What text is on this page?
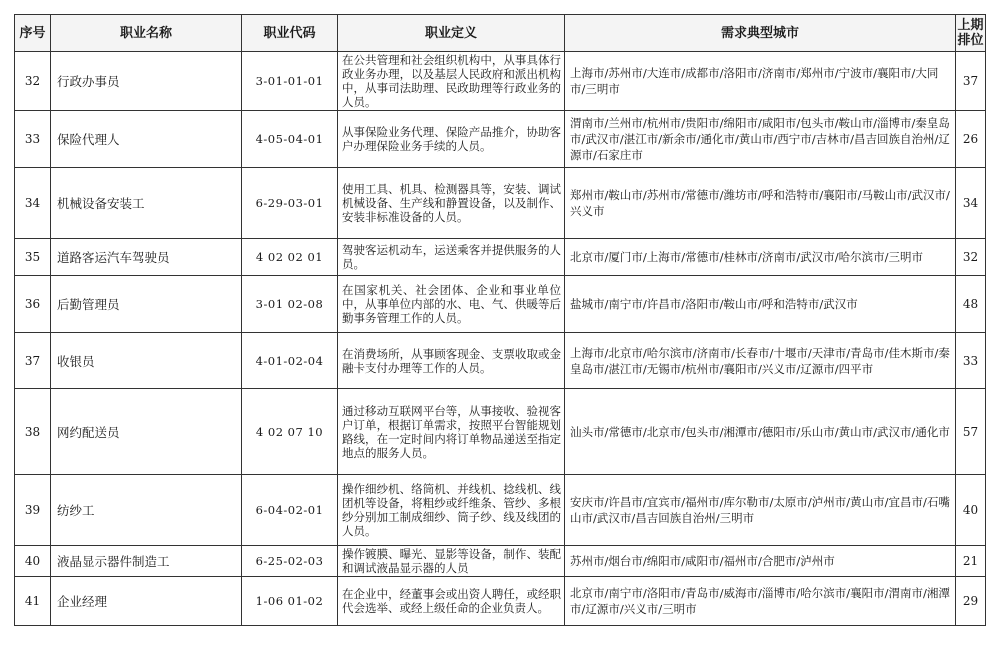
序号	职业名称	职业代码	职业定义	需求典型城市	上期排位
32	行政办事员	3-01-01-01	在公共管理和社会组织机构中，从事具体行政业务办理，以及基层人民政府和派出机构中，从事司法助理、民政助理等行政业务的人员。	上海市/苏州市/大连市/成都市/洛阳市/济南市/郑州市/宁波市/襄阳市/大同市/三明市	37
33	保险代理人	4-05-04-01	从事保险业务代理、保险产品推介，协助客户办理保险业务手续的人员。	渭南市/兰州市/杭州市/贵阳市/绵阳市/咸阳市/包头市/鞍山市/淄博市/秦皇岛市/武汉市/湛江市/新余市/通化市/黄山市/西宁市/吉林市/昌吉回族自治州/辽源市/石家庄市	26
34	机械设备安装工	6-29-03-01	使用工具、机具、检测器具等，安装、调试机械设备、生产线和静置设备，以及制作、安装非标准设备的人员。	郑州市/鞍山市/苏州市/常德市/潍坊市/呼和浩特市/襄阳市/马鞍山市/武汉市/兴义市	34
35	道路客运汽车驾驶员	4 02 02 01	驾驶客运机动车，运送乘客并提供服务的人员。	北京市/厦门市/上海市/常德市/桂林市/济南市/武汉市/哈尔滨市/三明市	32
36	后勤管理员	3-01 02-08	在国家机关、社会团体、企业和事业单位中，从事单位内部的水、电、气、供暖等后勤事务管理工作的人员。	盐城市/南宁市/许昌市/洛阳市/鞍山市/呼和浩特市/武汉市	48
37	收银员	4-01-02-04	在消费场所，从事顾客现金、支票收取或金融卡支付办理等工作的人员。	上海市/北京市/哈尔滨市/济南市/长春市/十堰市/天津市/青岛市/佳木斯市/秦皇岛市/湛江市/无锡市/杭州市/襄阳市/兴义市/辽源市/四平市	33
38	网约配送员	4 02 07 10	通过移动互联网平台等，从事接收、验视客户订单，根据订单需求，按照平台智能规划路线，在一定时间内将订单物品递送至指定地点的服务人员。	汕头市/常德市/北京市/包头市/湘潭市/德阳市/乐山市/黄山市/武汉市/通化市	57
39	纺纱工	6-04-02-01	操作细纱机、络筒机、并线机、捻线机、线团机等设备，将粗纱或纤维条、管纱、多根纱分别加工制成细纱、筒子纱、线及线团的人员。	安庆市/许昌市/宜宾市/福州市/库尔勒市/太原市/泸州市/黄山市/宜昌市/石嘴山市/武汉市/昌吉回族自治州/三明市	40
40	液晶显示器件制造工	6-25-02-03	操作镀膜、曝光、显影等设备，制作、装配和调试液晶显示器的人员	苏州市/烟台市/绵阳市/咸阳市/福州市/合肥市/泸州市	21
41	企业经理	1-06 01-02	在企业中，经董事会或出资人聘任，或经职代会选举、或经上级任命的企业负责人。	北京市/南宁市/洛阳市/青岛市/威海市/淄博市/哈尔滨市/襄阳市/渭南市/湘潭市/辽源市/兴义市/三明市	29
